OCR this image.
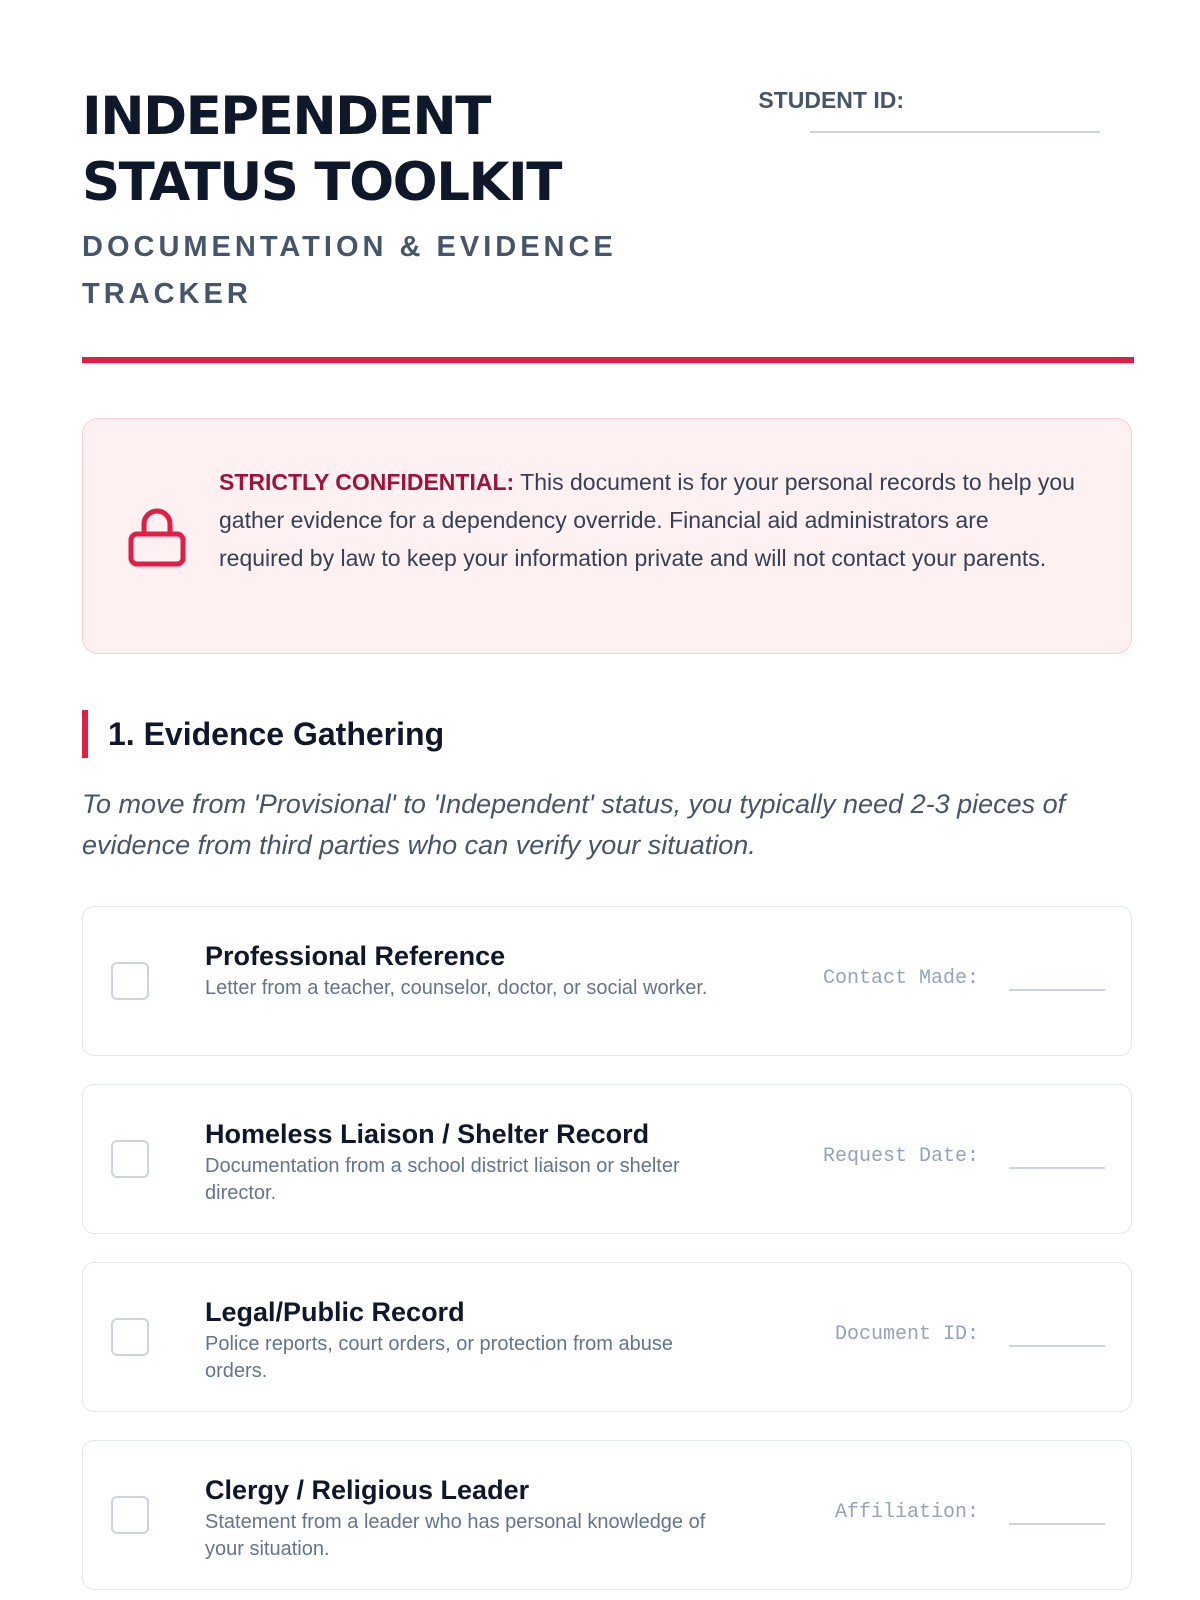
INDEPENDENT
STATUS TOOLKIT
DOCUMENTATION & EVIDENCE TRACKER
STUDENT ID:
STRICTLY CONFIDENTIAL: This document is for your personal records to help you gather evidence for a dependency override. Financial aid administrators are required by law to keep your information private and will not contact your parents.
1. Evidence Gathering
To move from 'Provisional' to 'Independent' status, you typically need 2-3 pieces of evidence from third parties who can verify your situation.
Professional Reference
Letter from a teacher, counselor, doctor, or social worker.	Contact Made:
Homeless Liaison / Shelter Record
Documentation from a school district liaison or shelter director.
Request Date:
Legal/Public Record
Police reports, court orders, or protection from abuse orders.
Document ID:
Clergy / Religious Leader
Statement from a leader who has personal knowledge of your situation.
Affiliation:
